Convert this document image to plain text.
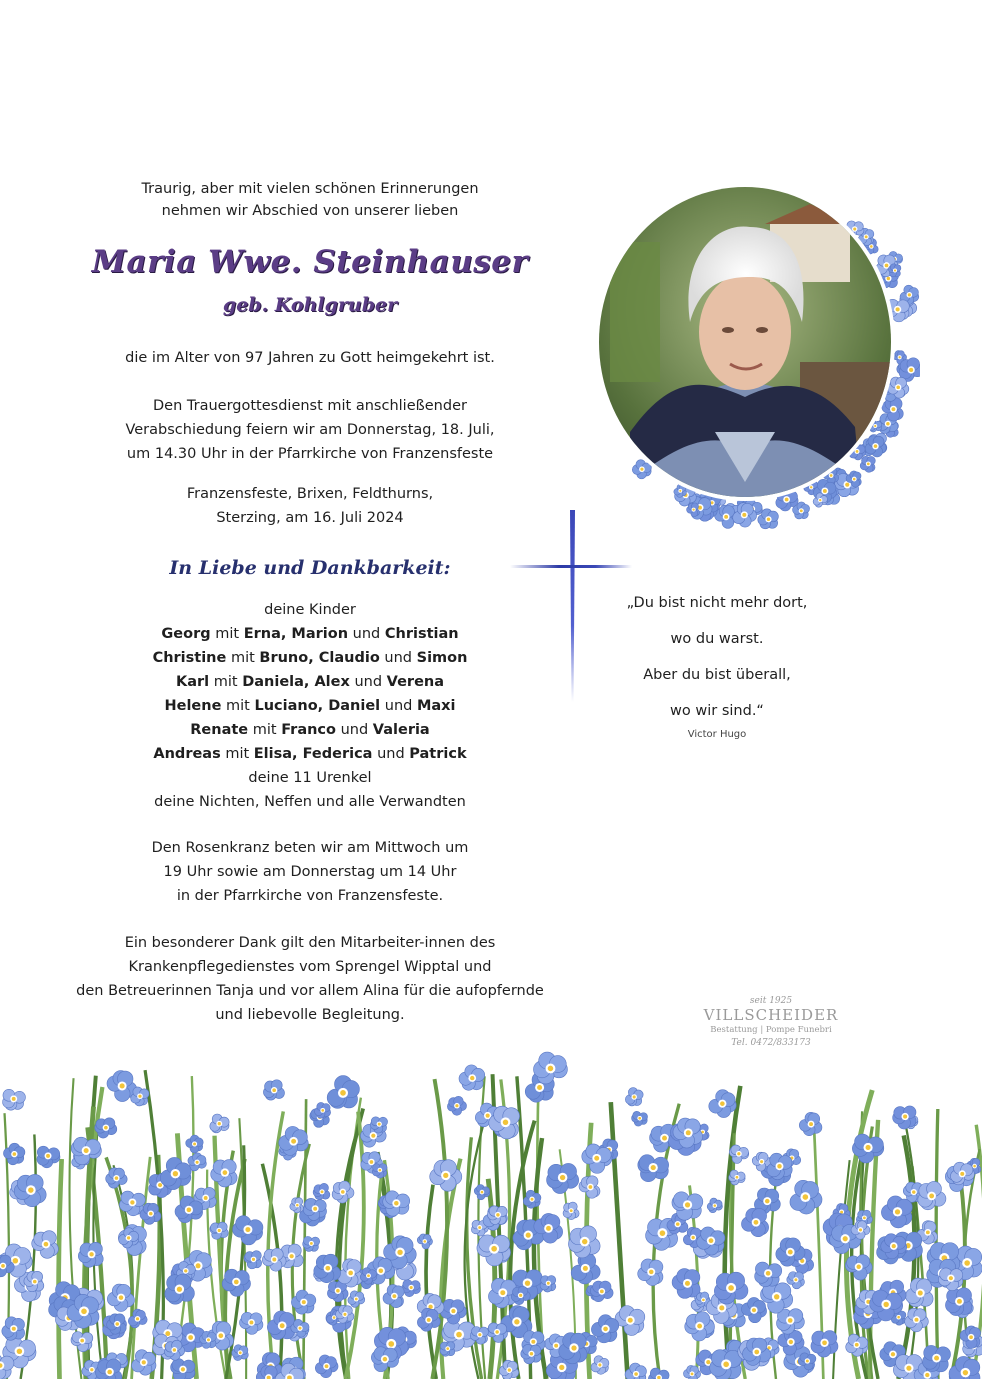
Traurig, aber mit vielen schönen Erinnerungen
nehmen wir Abschied von unserer lieben
Maria Wwe. Steinhauser
geb. Kohlgruber
die im Alter von 97 Jahren zu Gott heimgekehrt ist.
Den Trauergottesdienst mit anschließender
Verabschiedung feiern wir am Donnerstag, 18. Juli,
um 14.30 Uhr in der Pfarrkirche von Franzensfeste
Franzensfeste, Brixen, Feldthurns,
Sterzing, am 16. Juli 2024
In Liebe und Dankbarkeit:
deine Kinder
Georg mit Erna, Marion und Christian
Christine mit Bruno, Claudio und Simon
Karl mit Daniela, Alex und Verena
Helene mit Luciano, Daniel und Maxi
Renate mit Franco und Valeria
Andreas mit Elisa, Federica und Patrick
deine 11 Urenkel
deine Nichten, Neffen und alle Verwandten
Den Rosenkranz beten wir am Mittwoch um
19 Uhr sowie am Donnerstag um 14 Uhr
in der Pfarrkirche von Franzensfeste.
Ein besonderer Dank gilt den Mitarbeiter-innen des
Krankenpflegedienstes vom Sprengel Wipptal und
den Betreuerinnen Tanja und vor allem Alina für die aufopfernde
und liebevolle Begleitung.
„Du bist nicht mehr dort,
wo du warst.
Aber du bist überall,
wo wir sind.“
Victor Hugo
seit 1925
VILLSCHEIDER
Bestattung | Pompe Funebri
Tel. 0472/833173
